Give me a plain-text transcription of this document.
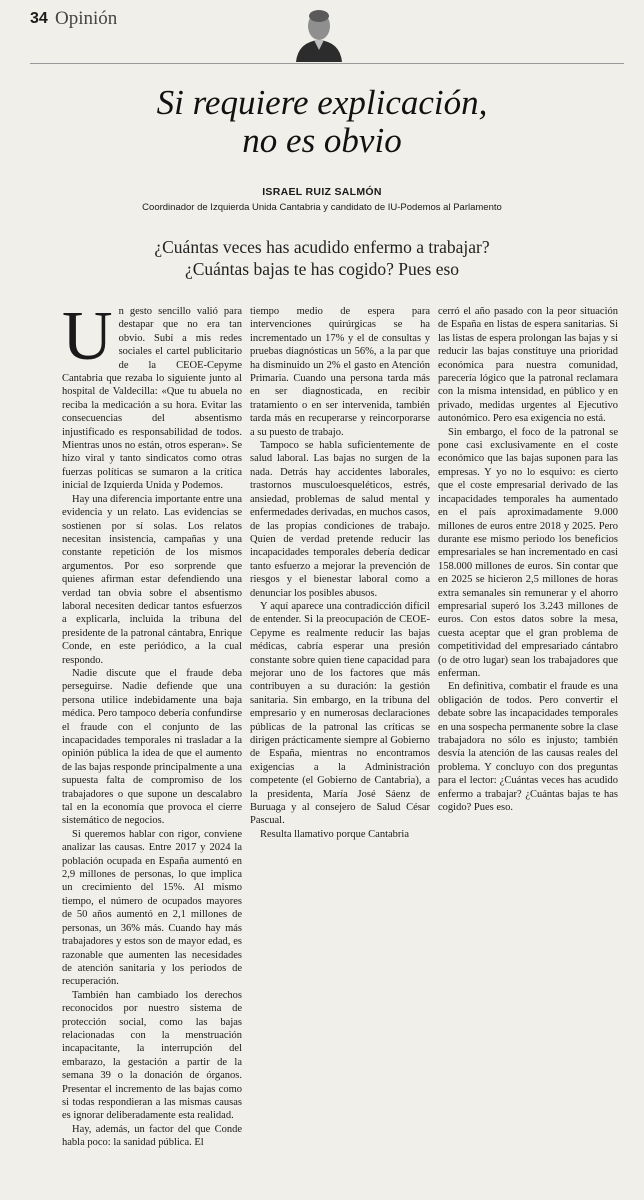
34 Opinión
Si requiere explicación,
no es obvio
ISRAEL RUIZ SALMÓN
Coordinador de Izquierda Unida Cantabria y candidato de IU-Podemos al Parlamento
¿Cuántas veces has acudido enfermo a trabajar?
¿Cuántas bajas te has cogido? Pues eso

Un gesto sencillo valió para destapar que no era tan obvio. Subí a mis redes sociales el cartel publicitario de la CEOE-Cepyme Cantabria que rezaba lo siguiente junto al hospital de Valdecilla: «Que tu abuela no reciba la medicación a su hora. Evitar las consecuencias del absentismo injustificado es responsabilidad de todos. Mientras unos no están, otros esperan». Se hizo viral y tanto sindicatos como otras fuerzas políticas se sumaron a la crítica inicial de Izquierda Unida y Podemos.

Hay una diferencia importante entre una evidencia y un relato. Las evidencias se sostienen por sí solas. Los relatos necesitan insistencia, campañas y una constante repetición de los mismos argumentos. Por eso sorprende que quienes afirman estar defendiendo una verdad tan obvia sobre el absentismo laboral necesiten dedicar tantos esfuerzos a explicarla, incluida la tribuna del presidente de la patronal cántabra, Enrique Conde, en este periódico, a la cual respondo.

Nadie discute que el fraude deba perseguirse. Nadie defiende que una persona utilice indebidamente una baja médica. Pero tampoco debería confundirse el fraude con el conjunto de las incapacidades temporales ni trasladar a la opinión pública la idea de que el aumento de las bajas responde principalmente a una supuesta falta de compromiso de los trabajadores o que supone un descalabro tal en la economía que provoca el cierre sistemático de negocios.

Si queremos hablar con rigor, conviene analizar las causas. Entre 2017 y 2024 la población ocupada en España aumentó en 2,9 millones de personas, lo que implica un crecimiento del 15%. Al mismo tiempo, el número de ocupados mayores de 50 años aumentó en 2,1 millones de personas, un 36% más. Cuando hay más trabajadores y estos son de mayor edad, es razonable que aumenten las necesidades de atención sanitaria y los periodos de recuperación.

También han cambiado los derechos reconocidos por nuestro sistema de protección social, como las bajas relacionadas con la menstruación incapacitante, la interrupción del embarazo, la gestación a partir de la semana 39 o la donación de órganos. Presentar el incremento de las bajas como si todas respondieran a las mismas causas es ignorar deliberadamente esta realidad.

Hay, además, un factor del que Conde habla poco: la sanidad pública. El

tiempo medio de espera para intervenciones quirúrgicas se ha incrementado un 17% y el de consultas y pruebas diagnósticas un 56%, a la par que ha disminuido un 2% el gasto en Atención Primaria. Cuando una persona tarda más en ser diagnosticada, en recibir tratamiento o en ser intervenida, también tarda más en recuperarse y reincorporarse a su puesto de trabajo.

Tampoco se habla suficientemente de salud laboral. Las bajas no surgen de la nada. Detrás hay accidentes laborales, trastornos musculoesqueléticos, estrés, ansiedad, problemas de salud mental y enfermedades derivadas, en muchos casos, de las propias condiciones de trabajo. Quien de verdad pretende reducir las incapacidades temporales debería dedicar tanto esfuerzo a mejorar la prevención de riesgos y el bienestar laboral como a denunciar los posibles abusos.

Y aquí aparece una contradicción difícil de entender. Si la preocupación de CEOE-Cepyme es realmente reducir las bajas médicas, cabría esperar una presión constante sobre quien tiene capacidad para mejorar uno de los factores que más contribuyen a su duración: la gestión sanitaria. Sin embargo, en la tribuna del empresario y en numerosas declaraciones públicas de la patronal las críticas se dirigen prácticamente siempre al Gobierno de España, mientras no encontramos exigencias a la Administración competente (el Gobierno de Cantabria), a la presidenta, María José Sáenz de Buruaga y al consejero de Salud César Pascual.

Resulta llamativo porque Cantabria

cerró el año pasado con la peor situación de España en listas de espera sanitarias. Si las listas de espera prolongan las bajas y si reducir las bajas constituye una prioridad económica para nuestra comunidad, parecería lógico que la patronal reclamara con la misma intensidad, en público y en privado, medidas urgentes al Ejecutivo autonómico. Pero esa exigencia no está.

Sin embargo, el foco de la patronal se pone casi exclusivamente en el coste económico que las bajas suponen para las empresas. Y yo no lo esquivo: es cierto que el coste empresarial derivado de las incapacidades temporales ha aumentado en el país aproximadamente 9.000 millones de euros entre 2018 y 2025. Pero durante ese mismo periodo los beneficios empresariales se han incrementado en casi 158.000 millones de euros. Sin contar que en 2025 se hicieron 2,5 millones de horas extra semanales sin remunerar y el ahorro empresarial superó los 3.243 millones de euros. Con estos datos sobre la mesa, cuesta aceptar que el gran problema de competitividad del empresariado cántabro (o de otro lugar) sean los trabajadores que enferman.

En definitiva, combatir el fraude es una obligación de todos. Pero convertir el debate sobre las incapacidades temporales en una sospecha permanente sobre la clase trabajadora no sólo es injusto; también desvía la atención de las causas reales del problema. Y concluyo con dos preguntas para el lector: ¿Cuántas veces has acudido enfermo a trabajar? ¿Cuántas bajas te has cogido? Pues eso.
